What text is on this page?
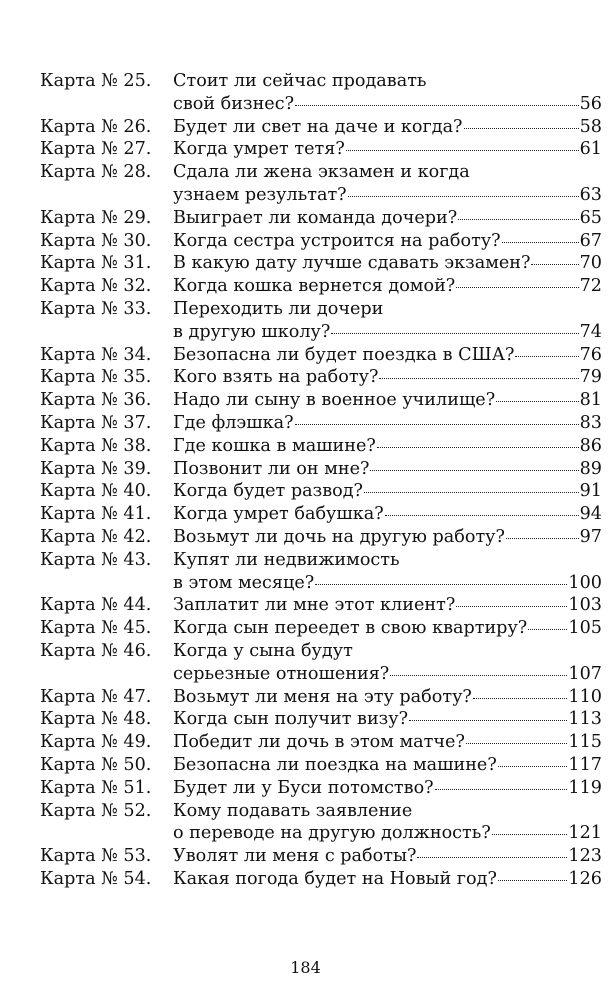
Карта № 25.	Стоит ли сейчас продавать
свой бизнес?	56
Карта № 26.	Будет ли свет на даче и когда?	58
Карта № 27.	Когда умрет тетя?	61
Карта № 28.	Сдала ли жена экзамен и когда
узнаем результат?	63
Карта № 29.	Выиграет ли команда дочери?	65
Карта № 30.	Когда сестра устроится на работу?	67
Карта № 31.	В какую дату лучше сдавать экзамен?	70
Карта № 32.	Когда кошка вернется домой?	72
Карта № 33.	Переходить ли дочери
в другую школу?	74
Карта № 34.	Безопасна ли будет поездка в США?	76
Карта № 35.	Кого взять на работу?	79
Карта № 36.	Надо ли сыну в военное училище?	81
Карта № 37.	Где флэшка?	83
Карта № 38.	Где кошка в машине?	86
Карта № 39.	Позвонит ли он мне?	89
Карта № 40.	Когда будет развод?	91
Карта № 41.	Когда умрет бабушка?	94
Карта № 42.	Возьмут ли дочь на другую работу?	97
Карта № 43.	Купят ли недвижимость
в этом месяце?	100
Карта № 44.	Заплатит ли мне этот клиент?	103
Карта № 45.	Когда сын переедет в свою квартиру? 105
Карта № 46.	Когда у сына будут
серьезные отношения?	107
Карта № 47.	Возьмут ли меня на эту работу?	110
Карта № 48.	Когда сын получит визу?	113
Карта № 49.	Победит ли дочь в этом матче?	115
Карта № 50.	Безопасна ли поездка на машине?	117
Карта № 51.	Будет ли у Буси потомство?	119
Карта № 52.	Кому подавать заявление
о переводе на другую должность?	121
Карта № 53.	Уволят ли меня с работы?	123
Карта № 54.	Какая погода будет на Новый год?	126
184
